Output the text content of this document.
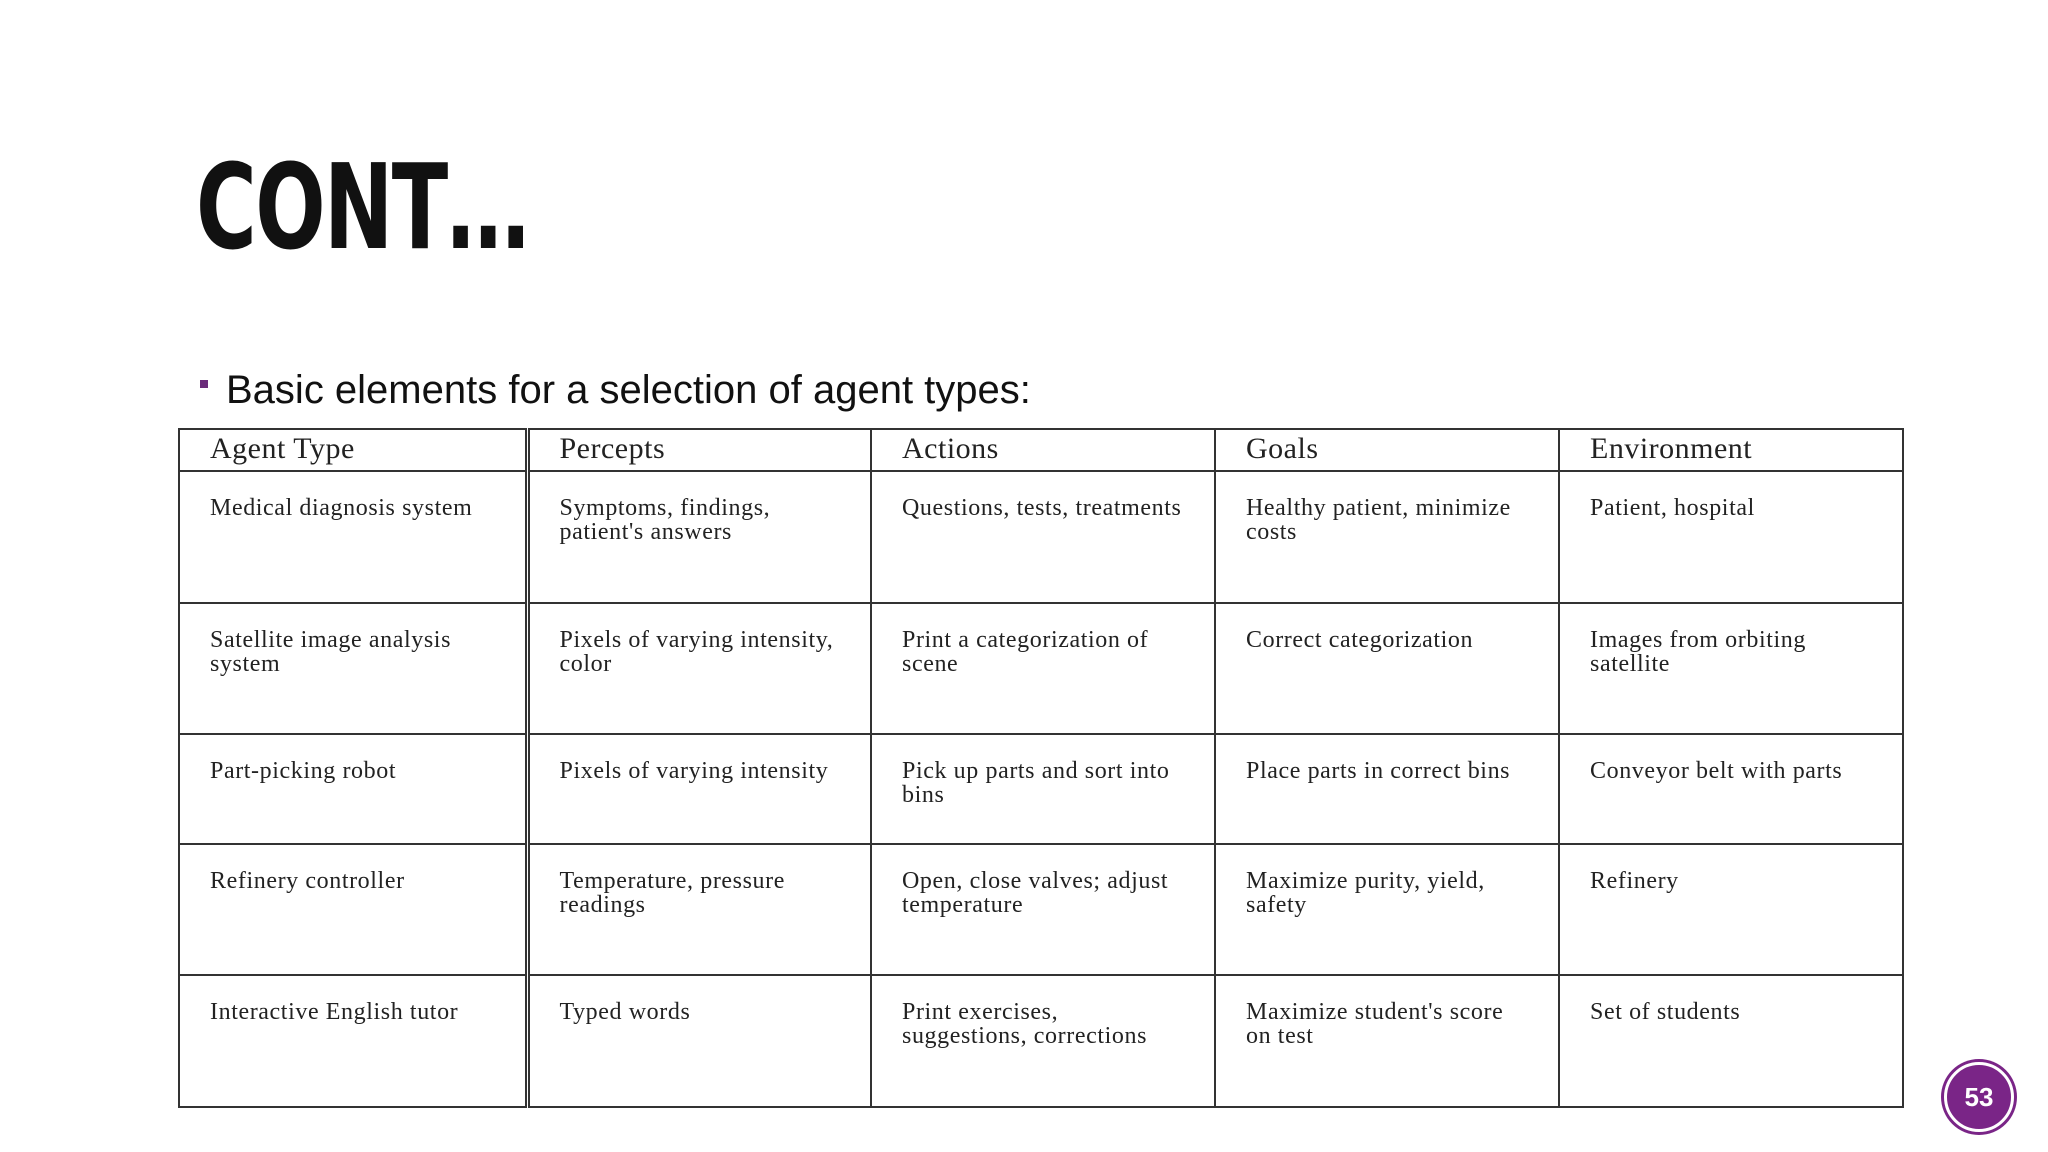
CONT…
Basic elements for a selection of agent types:
Agent Type	Percepts	Actions	Goals	Environment
Medical diagnosis system	Symptoms, findings, patient's answers	Questions, tests, treatments	Healthy patient, minimize costs	Patient, hospital
Satellite image analysis system	Pixels of varying intensity, color	Print a categorization of scene	Correct categorization	Images from orbiting satellite
Part-picking robot	Pixels of varying intensity	Pick up parts and sort into bins	Place parts in correct bins	Conveyor belt with parts
Refinery controller	Temperature, pressure readings	Open, close valves; adjust temperature	Maximize purity, yield, safety	Refinery
Interactive English tutor	Typed words	Print exercises, suggestions, corrections	Maximize student's score on test	Set of students
53
